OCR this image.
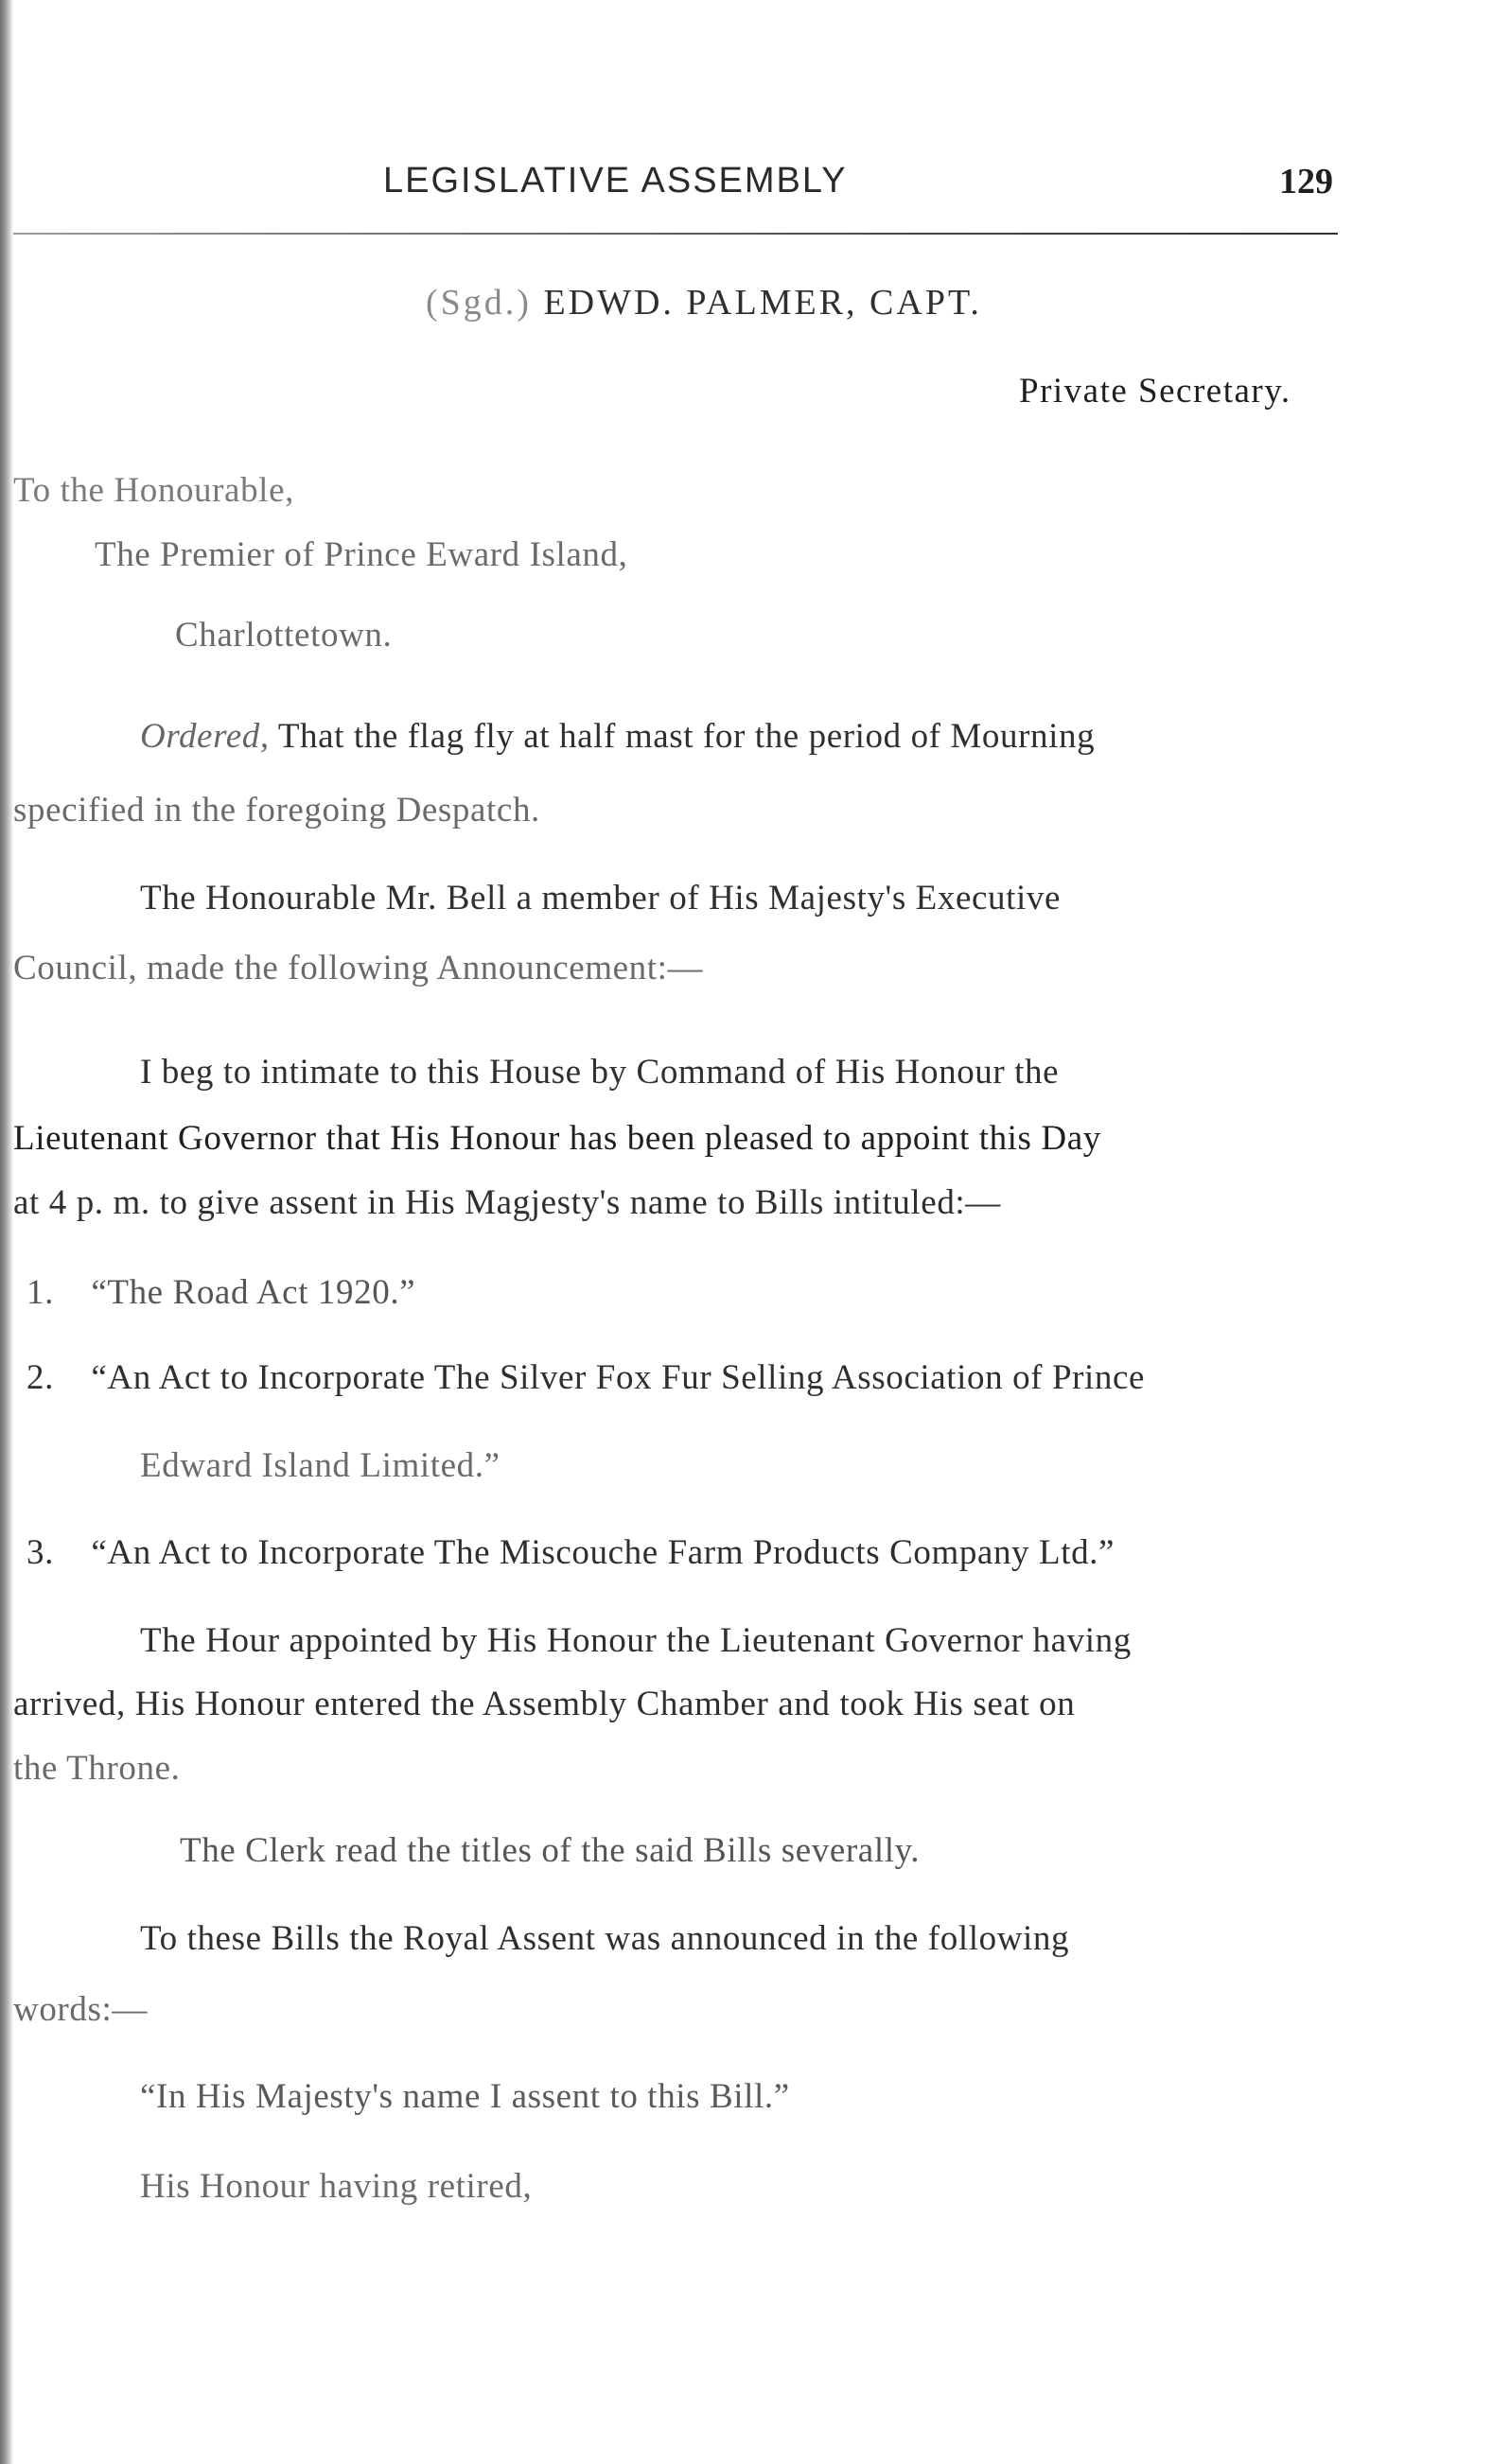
LEGISLATIVE ASSEMBLY	129
(Sgd.) EDWD. PALMER, CAPT.
Private Secretary.
To the Honourable,
The Premier of Prince Eward Island,
Charlottetown.
Ordered, That the flag fly at half mast for the period of Mourning
specified in the foregoing Despatch.
The Honourable Mr. Bell a member of His Majesty's Executive
Council, made the following Announcement:—
I beg to intimate to this House by Command of His Honour the
Lieutenant Governor that His Honour has been pleased to appoint this Day
at 4 p. m. to give assent in His Magjesty's name to Bills intituled:—
1. “The Road Act 1920.”
2. “An Act to Incorporate The Silver Fox Fur Selling Association of Prince
Edward Island Limited.”
3. “An Act to Incorporate The Miscouche Farm Products Company Ltd.”
The Hour appointed by His Honour the Lieutenant Governor having
arrived, His Honour entered the Assembly Chamber and took His seat on
the Throne.
The Clerk read the titles of the said Bills severally.
To these Bills the Royal Assent was announced in the following
words:—
“In His Majesty's name I assent to this Bill.”
His Honour having retired,
